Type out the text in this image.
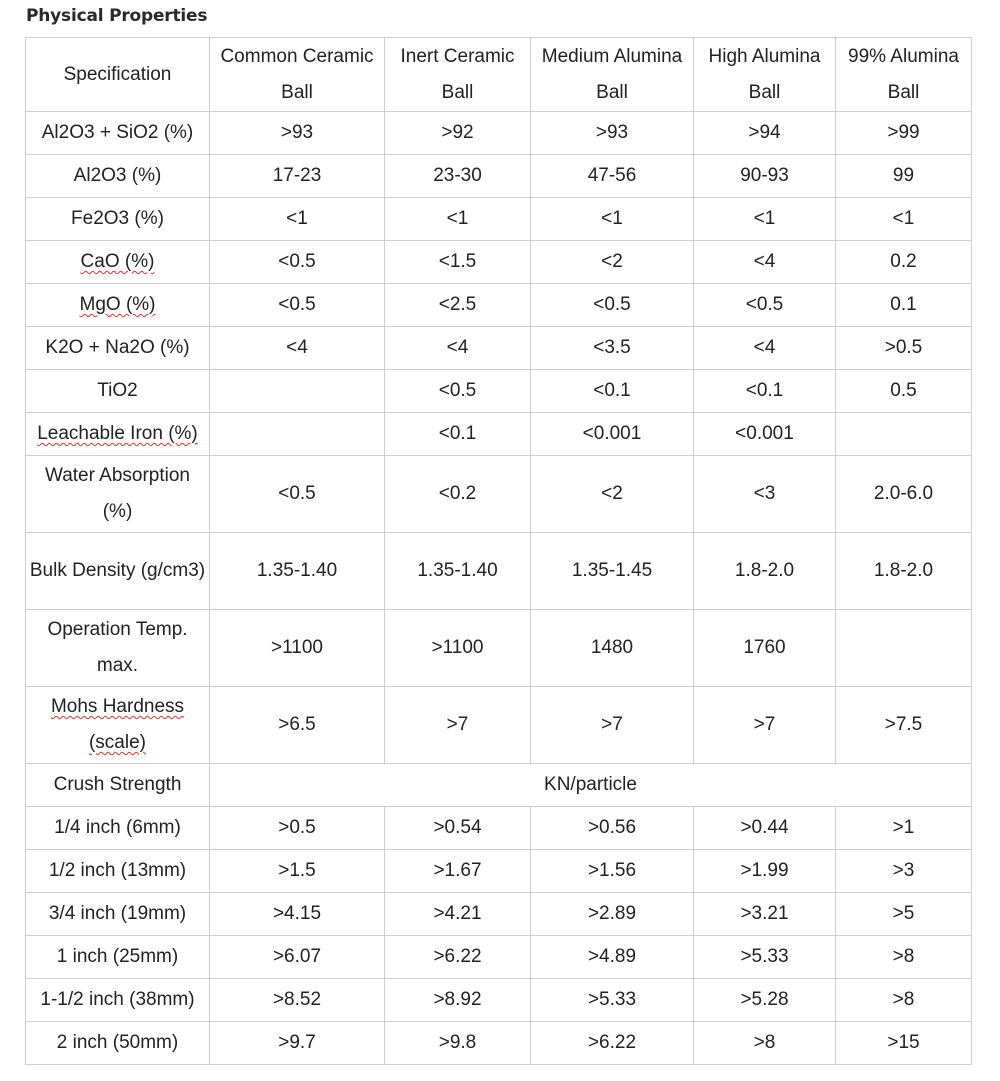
Physical Properties
Specification	Common Ceramic Ball	Inert Ceramic Ball	Medium Alumina Ball	High Alumina Ball	99% Alumina Ball
Al2O3 + SiO2 (%)	>93	>92	>93	>94	>99
Al2O3 (%)	17-23	23-30	47-56	90-93	99
Fe2O3 (%)	<1	<1	<1	<1	<1
CaO (%)	<0.5	<1.5	<2	<4	0.2
MgO (%)	<0.5	<2.5	<0.5	<0.5	0.1
K2O + Na2O (%)	<4	<4	<3.5	<4	>0.5
TiO2		<0.5	<0.1	<0.1	0.5
Leachable Iron (%)		<0.1	<0.001	<0.001	
Water Absorption (%)	<0.5	<0.2	<2	<3	2.0-6.0
Bulk Density (g/cm3)	1.35-1.40	1.35-1.40	1.35-1.45	1.8-2.0	1.8-2.0
Operation Temp. max.	>1100	>1100	1480	1760	
Mohs Hardness (scale)	>6.5	>7	>7	>7	>7.5
Crush Strength	KN/particle				
1/4 inch (6mm)	>0.5	>0.54	>0.56	>0.44	>1
1/2 inch (13mm)	>1.5	>1.67	>1.56	>1.99	>3
3/4 inch (19mm)	>4.15	>4.21	>2.89	>3.21	>5
1 inch (25mm)	>6.07	>6.22	>4.89	>5.33	>8
1-1/2 inch (38mm)	>8.52	>8.92	>5.33	>5.28	>8
2 inch (50mm)	>9.7	>9.8	>6.22	>8	>15
